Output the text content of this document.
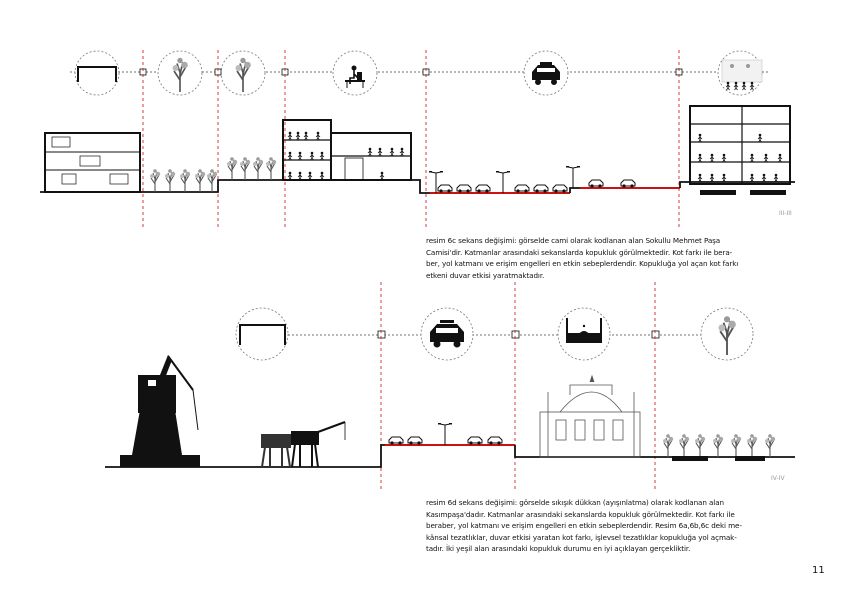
III-III
IV-IV
resim 6c sekans değişimi: görselde cami olarak kodlanan alan Sokullu Mehmet Paşa
Camisi'dir. Katmanlar arasındaki sekanslarda kopukluk görülmektedir. Kot farkı ile bera-
ber, yol katmanı ve erişim engelleri en etkin sebeplerdendir. Kopukluğa yol açan kot farkı
etkeni duvar etkisi yaratmaktadır.
resim 6d sekans değişimi: görselde sıkışık dükkan (ayışınlatma) olarak kodlanan alan
Kasımpaşa'dadır. Katmanlar arasındaki sekanslarda kopukluk görülmektedir. Kot farkı ile
beraber, yol katmanı ve erişim engelleri en etkin sebeplerdendir. Resim 6a,6b,6c deki me-
kânsal tezatlıklar, duvar etkisi yaratan kot farkı, işlevsel tezatlıklar kopukluğa yol açmak-
tadır. İki yeşil alan arasındaki kopukluk durumu en iyi açıklayan gerçekliktir.
11
